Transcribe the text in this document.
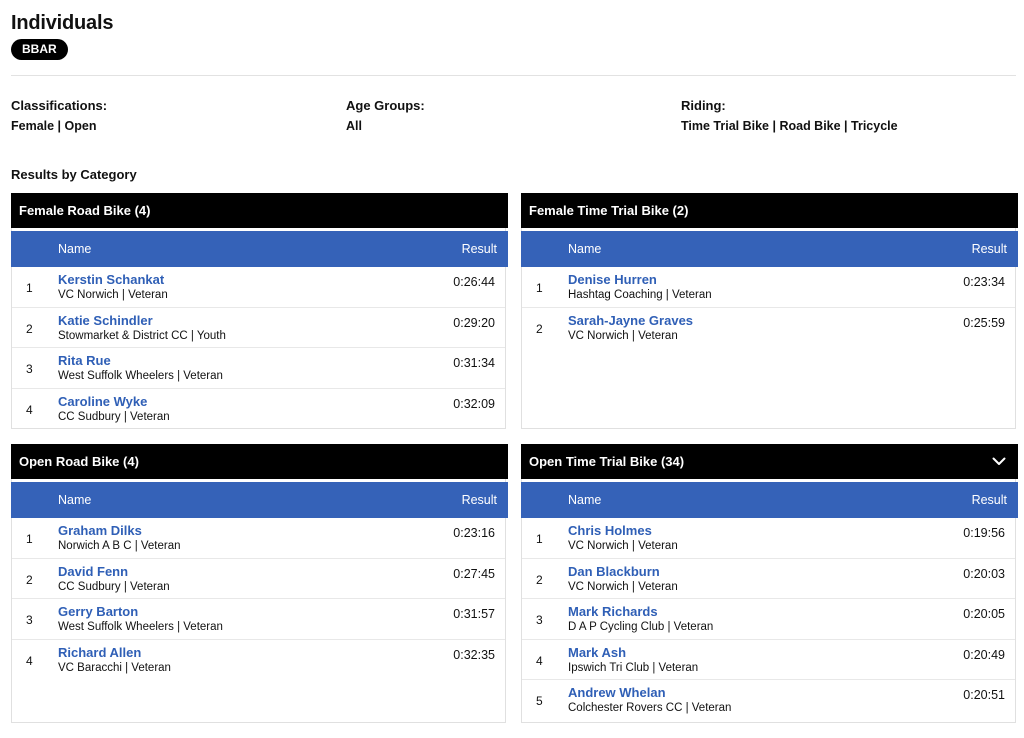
Individuals
BBAR
Classifications:
Female | Open
Age Groups:
All
Riding:
Time Trial Bike | Road Bike | Tricycle
Results by Category
Female Road Bike (4)
Name	Result
1
Kerstin Schankat
VC Norwich | Veteran
0:26:44
2
Katie Schindler
Stowmarket & District CC | Youth
0:29:20
3
Rita Rue
West Suffolk Wheelers | Veteran
0:31:34
4
Caroline Wyke
CC Sudbury | Veteran
0:32:09
Female Time Trial Bike (2)
Name	Result
1
Denise Hurren
Hashtag Coaching | Veteran
0:23:34
2
Sarah-Jayne Graves
VC Norwich | Veteran
0:25:59
Open Road Bike (4)
Name	Result
1
Graham Dilks
Norwich A B C | Veteran
0:23:16
2
David Fenn
CC Sudbury | Veteran
0:27:45
3
Gerry Barton
West Suffolk Wheelers | Veteran
0:31:57
4
Richard Allen
VC Baracchi | Veteran
0:32:35
Open Time Trial Bike (34)
Name	Result
1
Chris Holmes
VC Norwich | Veteran
0:19:56
2
Dan Blackburn
VC Norwich | Veteran
0:20:03
3
Mark Richards
D A P Cycling Club | Veteran
0:20:05
4
Mark Ash
Ipswich Tri Club | Veteran
0:20:49
5
Andrew Whelan
Colchester Rovers CC | Veteran
0:20:51
